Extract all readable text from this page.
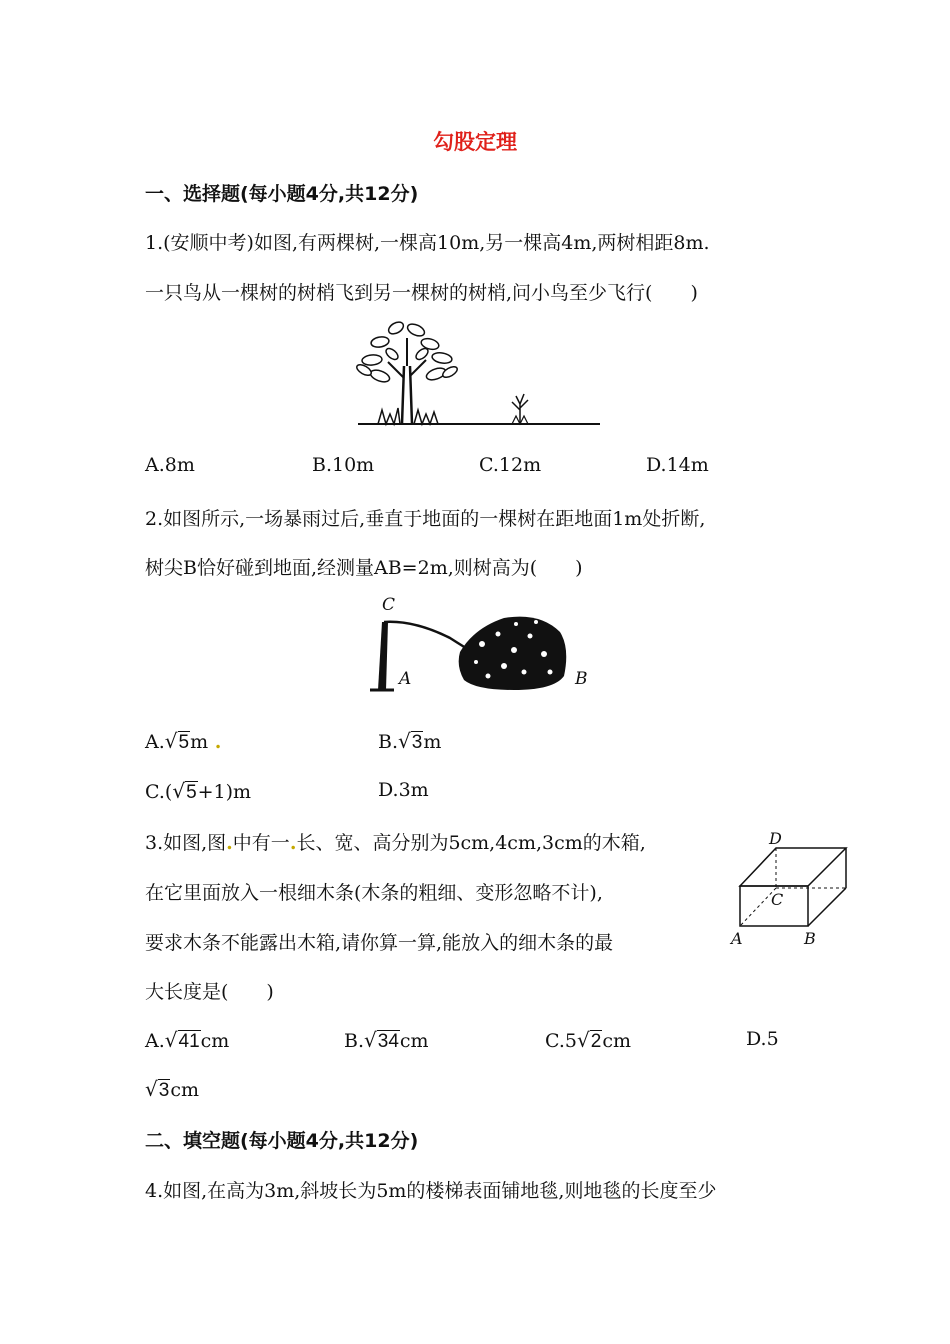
勾股定理
一、选择题(每小题4分,共12分)
1.(安顺中考)如图,有两棵树,一棵高10m,另一棵高4m,两树相距8m.
一只鸟从一棵树的树梢飞到另一棵树的树梢,问小鸟至少飞行(　　)
A.8m	B.10m	C.12m	D.14m
2.如图所示,一场暴雨过后,垂直于地面的一棵树在距地面1m处折断,
树尖B恰好碰到地面,经测量AB=2m,则树高为(　　)
C
A	B
A.√5m .	B.√3m
C.(√5+1)m	D.3m
3.如图,图.中有一.长、宽、高分别为5cm,4cm,3cm的木箱,
在它里面放入一根细木条(木条的粗细、变形忽略不计),
要求木条不能露出木箱,请你算一算,能放入的细木条的最
大长度是(　　)
D
C
A	B
A.√41cm	B.√34cm	C.5√2cm	D.5
√3cm
二、填空题(每小题4分,共12分)
4.如图,在高为3m,斜坡长为5m的楼梯表面铺地毯,则地毯的长度至少
